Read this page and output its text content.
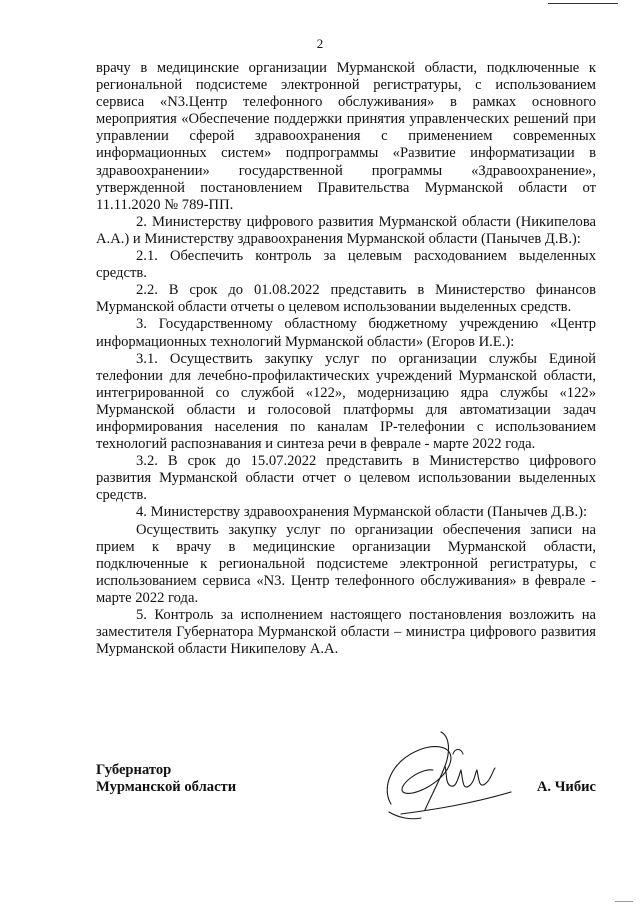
2

врачу в медицинские организации Мурманской области, подключенные к региональной подсистеме электронной регистратуры, с использованием сервиса «N3.Центр телефонного обслуживания» в рамках основного мероприятия «Обеспечение поддержки принятия управленческих решений при управлении сферой здравоохранения с применением современных информационных систем» подпрограммы «Развитие информатизации в здравоохранении» государственной программы «Здравоохранение», утвержденной постановлением Правительства Мурманской области от 11.11.2020 № 789-ПП.

2. Министерству цифрового развития Мурманской области (Никипелова А.А.) и Министерству здравоохранения Мурманской области (Панычев Д.В.):

2.1. Обеспечить контроль за целевым расходованием выделенных средств.

2.2. В срок до 01.08.2022 представить в Министерство финансов Мурманской области отчеты о целевом использовании выделенных средств.

3. Государственному областному бюджетному учреждению «Центр информационных технологий Мурманской области» (Егоров И.Е.):

3.1. Осуществить закупку услуг по организации службы Единой телефонии для лечебно-профилактических учреждений Мурманской области, интегрированной со службой «122», модернизацию ядра службы «122» Мурманской области и голосовой платформы для автоматизации задач информирования населения по каналам IP-телефонии с использованием технологий распознавания и синтеза речи в феврале - марте 2022 года.

3.2. В срок до 15.07.2022 представить в Министерство цифрового развития Мурманской области отчет о целевом использовании выделенных средств.

4. Министерству здравоохранения Мурманской области (Панычев Д.В.):

Осуществить закупку услуг по организации обеспечения записи на прием к врачу в медицинские организации Мурманской области, подключенные к региональной подсистеме электронной регистратуры, с использованием сервиса «N3. Центр телефонного обслуживания» в феврале - марте 2022 года.

5. Контроль за исполнением настоящего постановления возложить на заместителя Губернатора Мурманской области – министра цифрового развития Мурманской области Никипелову А.А.

Губернатор
Мурманской области	А. Чибис
